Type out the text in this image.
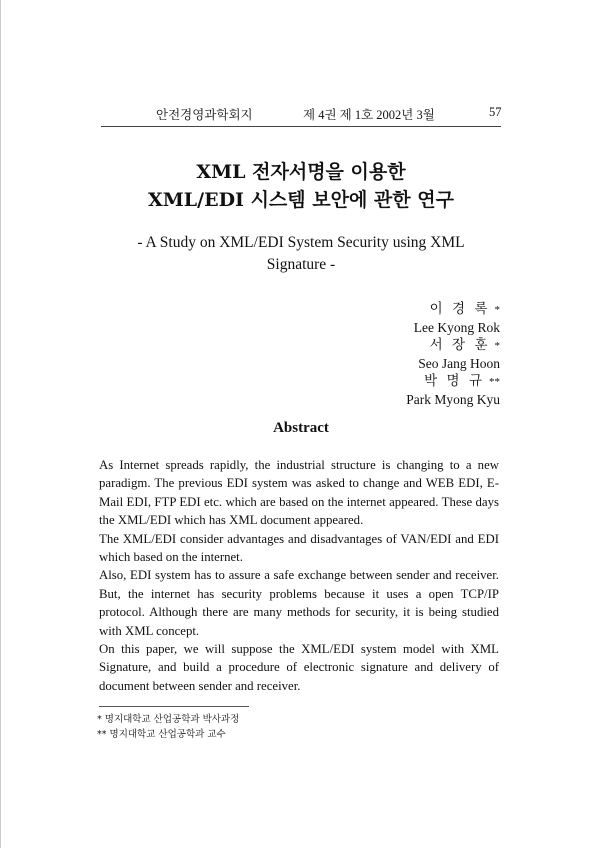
안전경영과학회지	제 4권 제 1호 2002년 3월	57
XML 전자서명을 이용한
XML/EDI 시스템 보안에 관한 연구
- A Study on XML/EDI System Security using XML
Signature -
이 경 록 *
Lee Kyong Rok
서 장 훈 *
Seo Jang Hoon
박 명 규 **
Park Myong Kyu
Abstract

As Internet spreads rapidly, the industrial structure is changing to a new paradigm. The previous EDI system was asked to change and WEB EDI, E-Mail EDI, FTP EDI etc. which are based on the internet appeared. These days the XML/EDI which has XML document appeared.

The XML/EDI consider advantages and disadvantages of VAN/EDI and EDI which based on the internet.

Also, EDI system has to assure a safe exchange between sender and receiver. But, the internet has security problems because it uses a open TCP/IP protocol. Although there are many methods for security, it is being studied with XML concept.

On this paper, we will suppose the XML/EDI system model with XML Signature, and build a procedure of electronic signature and delivery of document between sender and receiver.

* 명지대학교 산업공학과 박사과정
** 명지대학교 산업공학과 교수
